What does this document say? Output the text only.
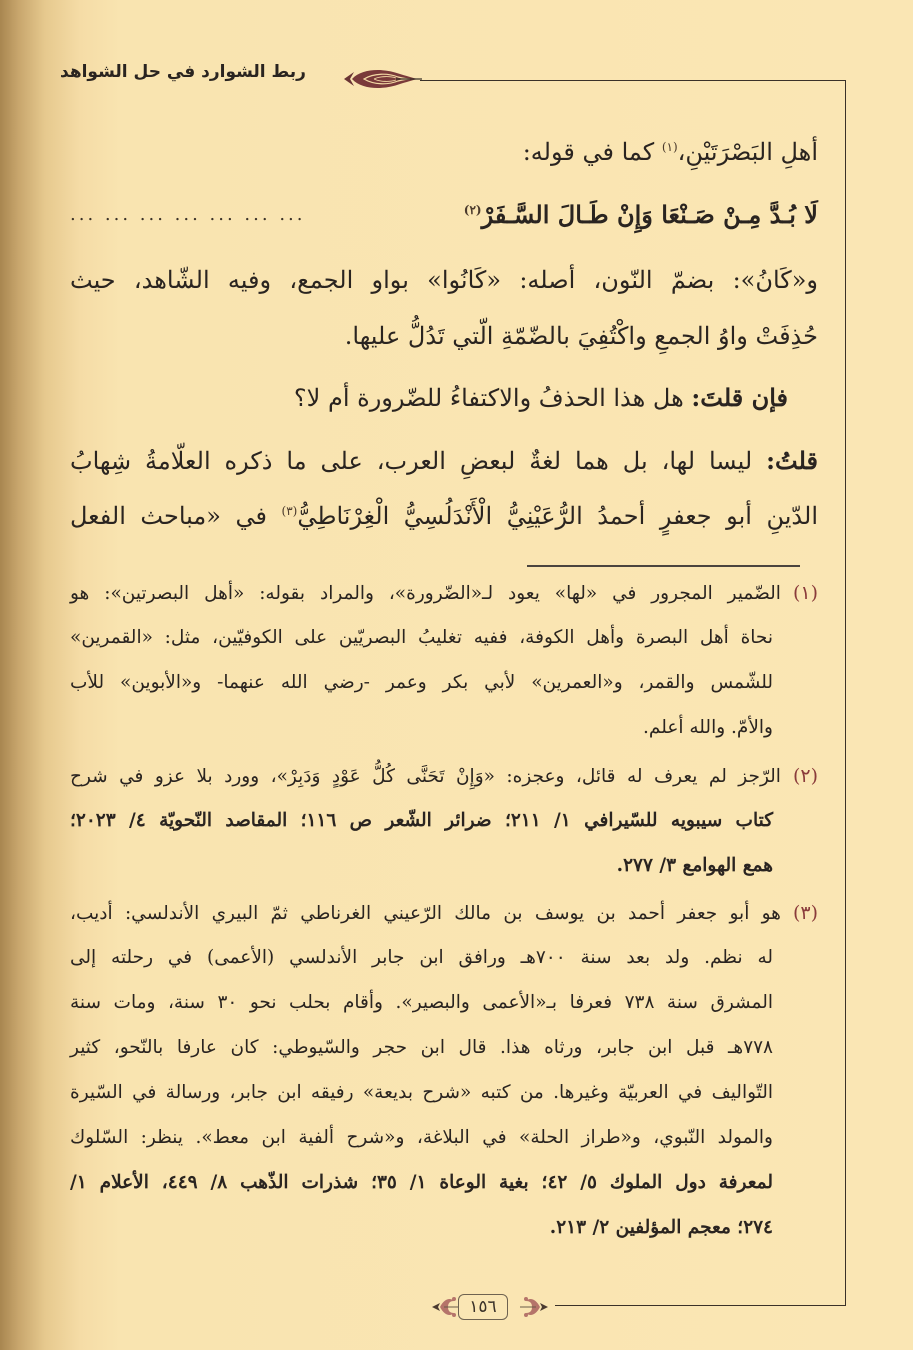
ربط الشوارد في حل الشواهد
أهلِ البَصْرَتَيْنِ،$^{(١)}$ كما في قوله:
لَا بُـدَّ مِـنْ صَـنْعَا وَإِنْ طَـالَ السَّـفَرْ$^{(٢)}$
... ... ... ... ... ... ...
و«كَانُ»: بضمّ النّون، أصله: «كَانُوا» بواو الجمع، وفيه الشّاهد، حيث
حُذِفَتْ واوُ الجمعِ واكْتُفِيَ بالضّمّةِ الّتي تَدُلُّ عليها.
فإن قلتَ: هل هذا الحذفُ والاكتفاءُ للضّرورة أم لا؟
قلتُ: ليسا لها، بل هما لغةٌ لبعضِ العرب، على ما ذكره العلّامةُ شِهابُ
الدّينِ أبو جعفرٍ أحمدُ الرُّعَيْنِيُّ الْأَنْدَلُسِيُّ الْغِرْنَاطِيُّ$^{(٣)}$ في «مباحث الفعل
(١)الضّمير المجرور في «لها» يعود لـ«الضّرورة»، والمراد بقوله: «أهل البصرتين»: هو
نحاة أهل البصرة وأهل الكوفة، ففيه تغليبُ البصريّين على الكوفيّين، مثل: «القمرين»
للشّمس والقمر، و«العمرين» لأبي بكر وعمر -رضي الله عنهما- و«الأبوين» للأب
والأمّ. والله أعلم.
(٢)الرّجز لم يعرف له قائل، وعجزه: «وَإِنْ تَحَنَّى كُلُّ عَوْدٍ وَدَبِرْ»، وورد بلا عزو في شرح
كتاب سيبويه للسّيرافي ١/ ٢١١؛ ضرائر الشّعر ص ١١٦؛ المقاصد النّحويّة ٤/ ٢٠٢٣؛
همع الهوامع ٣/ ٢٧٧.
(٣)هو أبو جعفر أحمد بن يوسف بن مالك الرّعيني الغرناطي ثمّ البيري الأندلسي: أديب،
له نظم. ولد بعد سنة ٧٠٠هـ ورافق ابن جابر الأندلسي (الأعمى) في رحلته إلى
المشرق سنة ٧٣٨ فعرفا بـ«الأعمى والبصير». وأقام بحلب نحو ٣٠ سنة، ومات سنة
٧٧٨هـ قبل ابن جابر، ورثاه هذا. قال ابن حجر والسّيوطي: كان عارفا بالنّحو، كثير
التّواليف في العربيّة وغيرها. من كتبه «شرح بديعة» رفيقه ابن جابر، ورسالة في السّيرة
والمولد النّبوي، و«طراز الحلة» في البلاغة، و«شرح ألفية ابن معط». ينظر: السّلوك
لمعرفة دول الملوك ٥/ ٤٢؛ بغية الوعاة ١/ ٣٥؛ شذرات الذّهب ٨/ ٤٤٩، الأعلام ١/
٢٧٤؛ معجم المؤلفين ٢/ ٢١٣.
١٥٦
